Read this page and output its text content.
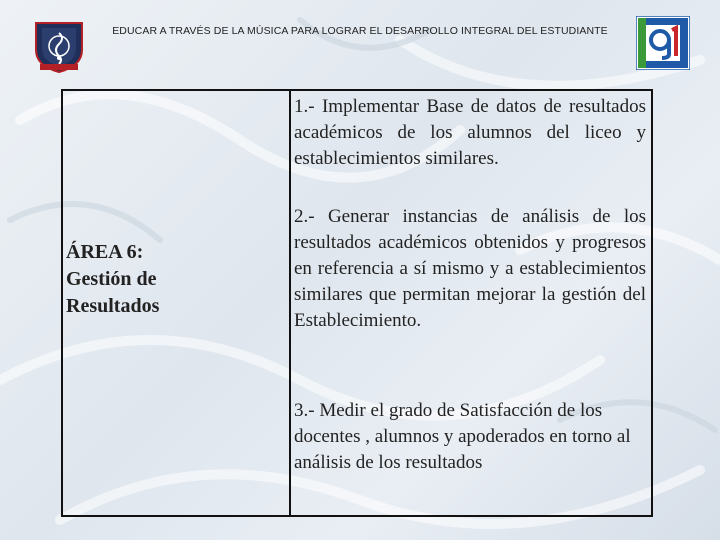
EDUCAR A TRAVÉS DE LA MÚSICA PARA LOGRAR EL DESARROLLO INTEGRAL DEL ESTUDIANTE
ÁREA 6:
Gestión de
Resultados

1.- Implementar Base de datos de resultados académicos de los alumnos del liceo y establecimientos similares.

2.- Generar instancias de análisis de los resultados académicos obtenidos y progresos en referencia a sí mismo y a establecimientos similares que permitan mejorar la gestión del Establecimiento.

3.- Medir el grado de Satisfacción de los docentes , alumnos y apoderados en torno al análisis de los resultados
